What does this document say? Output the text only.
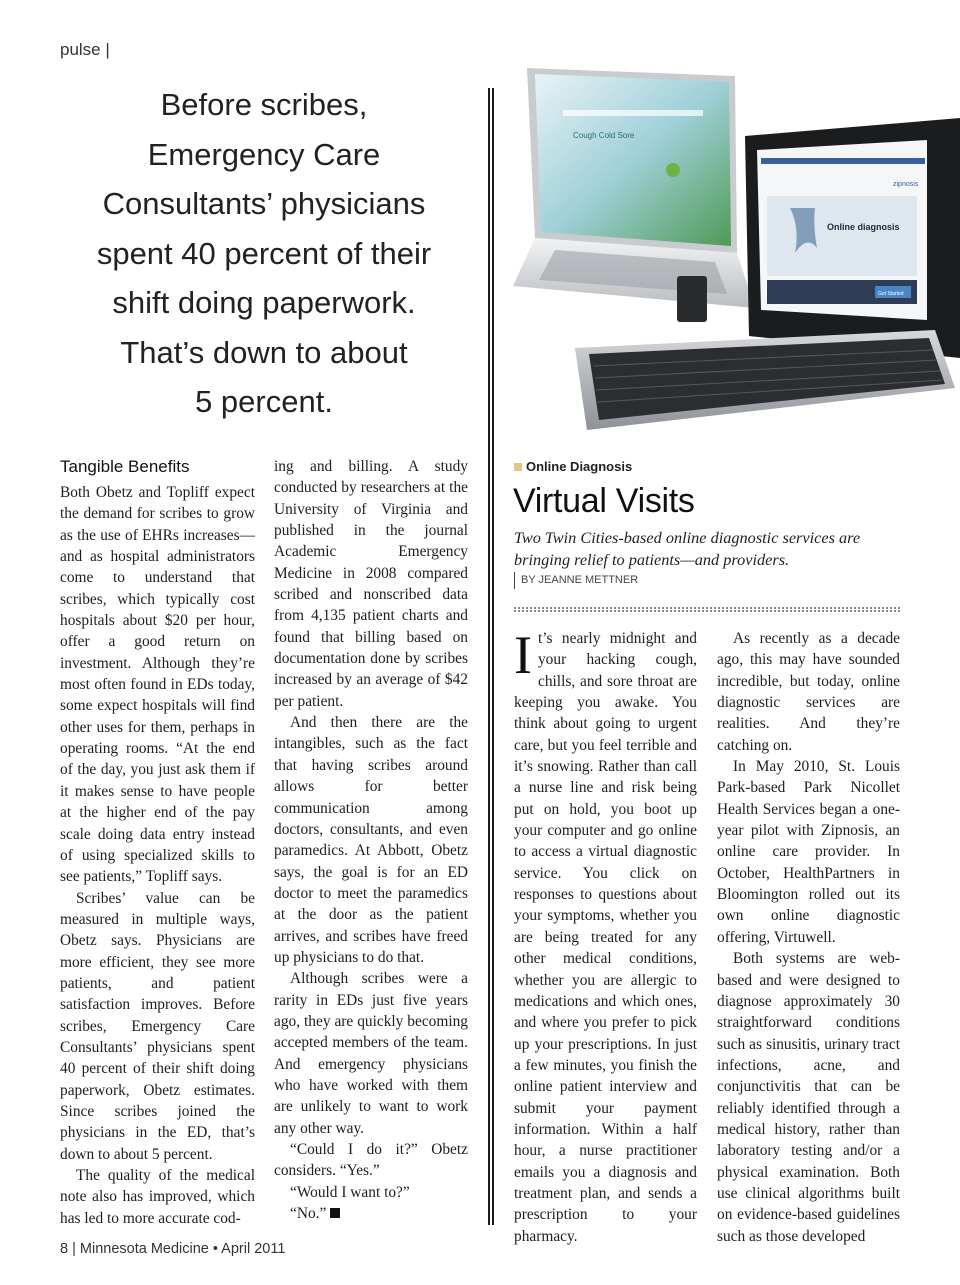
pulse |
Before scribes,
Emergency Care
Consultants’ physicians
spent 40 percent of their
shift doing paperwork.
That’s down to about
5 percent.
Tangible Benefits

Both Obetz and Topliff expect the demand for scribes to grow as the use of EHRs increases—and as hospital administrators come to understand that scribes, which typically cost hospitals about $20 per hour, offer a good return on investment. Although they’re most often found in EDs today, some expect hospitals will find other uses for them, perhaps in operating rooms. “At the end of the day, you just ask them if it makes sense to have people at the higher end of the pay scale doing data entry instead of using specialized skills to see patients,” Topliff says.

Scribes’ value can be measured in multiple ways, Obetz says. Physicians are more efficient, they see more patients, and patient satisfaction improves. Before scribes, Emergency Care Consultants’ physicians spent 40 percent of their shift doing paperwork, Obetz estimates. Since scribes joined the physicians in the ED, that’s down to about 5 percent.

The quality of the medical note also has improved, which has led to more accurate cod-

ing and billing. A study conducted by researchers at the University of Virginia and published in the journal Academic Emergency Medicine in 2008 compared scribed and nonscribed data from 4,135 patient charts and found that billing based on documentation done by scribes increased by an average of $42 per patient.

And then there are the intangibles, such as the fact that having scribes around allows for better communication among doctors, consultants, and even paramedics. At Abbott, Obetz says, the goal is for an ED doctor to meet the paramedics at the door as the patient arrives, and scribes have freed up physicians to do that.

Although scribes were a rarity in EDs just five years ago, they are quickly becoming accepted members of the team. And emergency physicians who have worked with them are unlikely to want to work any other way.

“Could I do it?” Obetz considers. “Yes.”

“Would I want to?”

“No.”

Cough Cold Sore
zipnosis
Online diagnosis
Get Started
Online Diagnosis
Virtual Visits
Two Twin Cities-based online diagnostic services are bringing relief to patients—and providers.
BY JEANNE METTNER
I t’s nearly midnight and your hacking cough, chills, and sore throat are keeping you awake. You think about going to urgent care, but you feel terrible and it’s snowing. Rather than call a nurse line and risk being put on hold, you boot up your computer and go online to access a virtual diagnostic service. You click on responses to questions about your symptoms, whether you are being treated for any other medical conditions, whether you are allergic to medications and which ones, and where you prefer to pick up your prescriptions. In just a few minutes, you finish the online patient interview and submit your payment information. Within a half hour, a nurse practitioner emails you a diagnosis and treatment plan, and sends a prescription to your pharmacy.

As recently as a decade ago, this may have sounded incredible, but today, online diagnostic services are realities. And they’re catching on.

In May 2010, St. Louis Park-based Park Nicollet Health Services began a one-year pilot with Zipnosis, an online care provider. In October, HealthPartners in Bloomington rolled out its own online diagnostic offering, Virtuwell.

Both systems are web-based and were designed to diagnose approximately 30 straightforward conditions such as sinusitis, urinary tract infections, acne, and conjunctivitis that can be reliably identified through a medical history, rather than laboratory testing and/or a physical examination. Both use clinical algorithms built on evidence-based guidelines such as those developed

8 | Minnesota Medicine • April 2011
